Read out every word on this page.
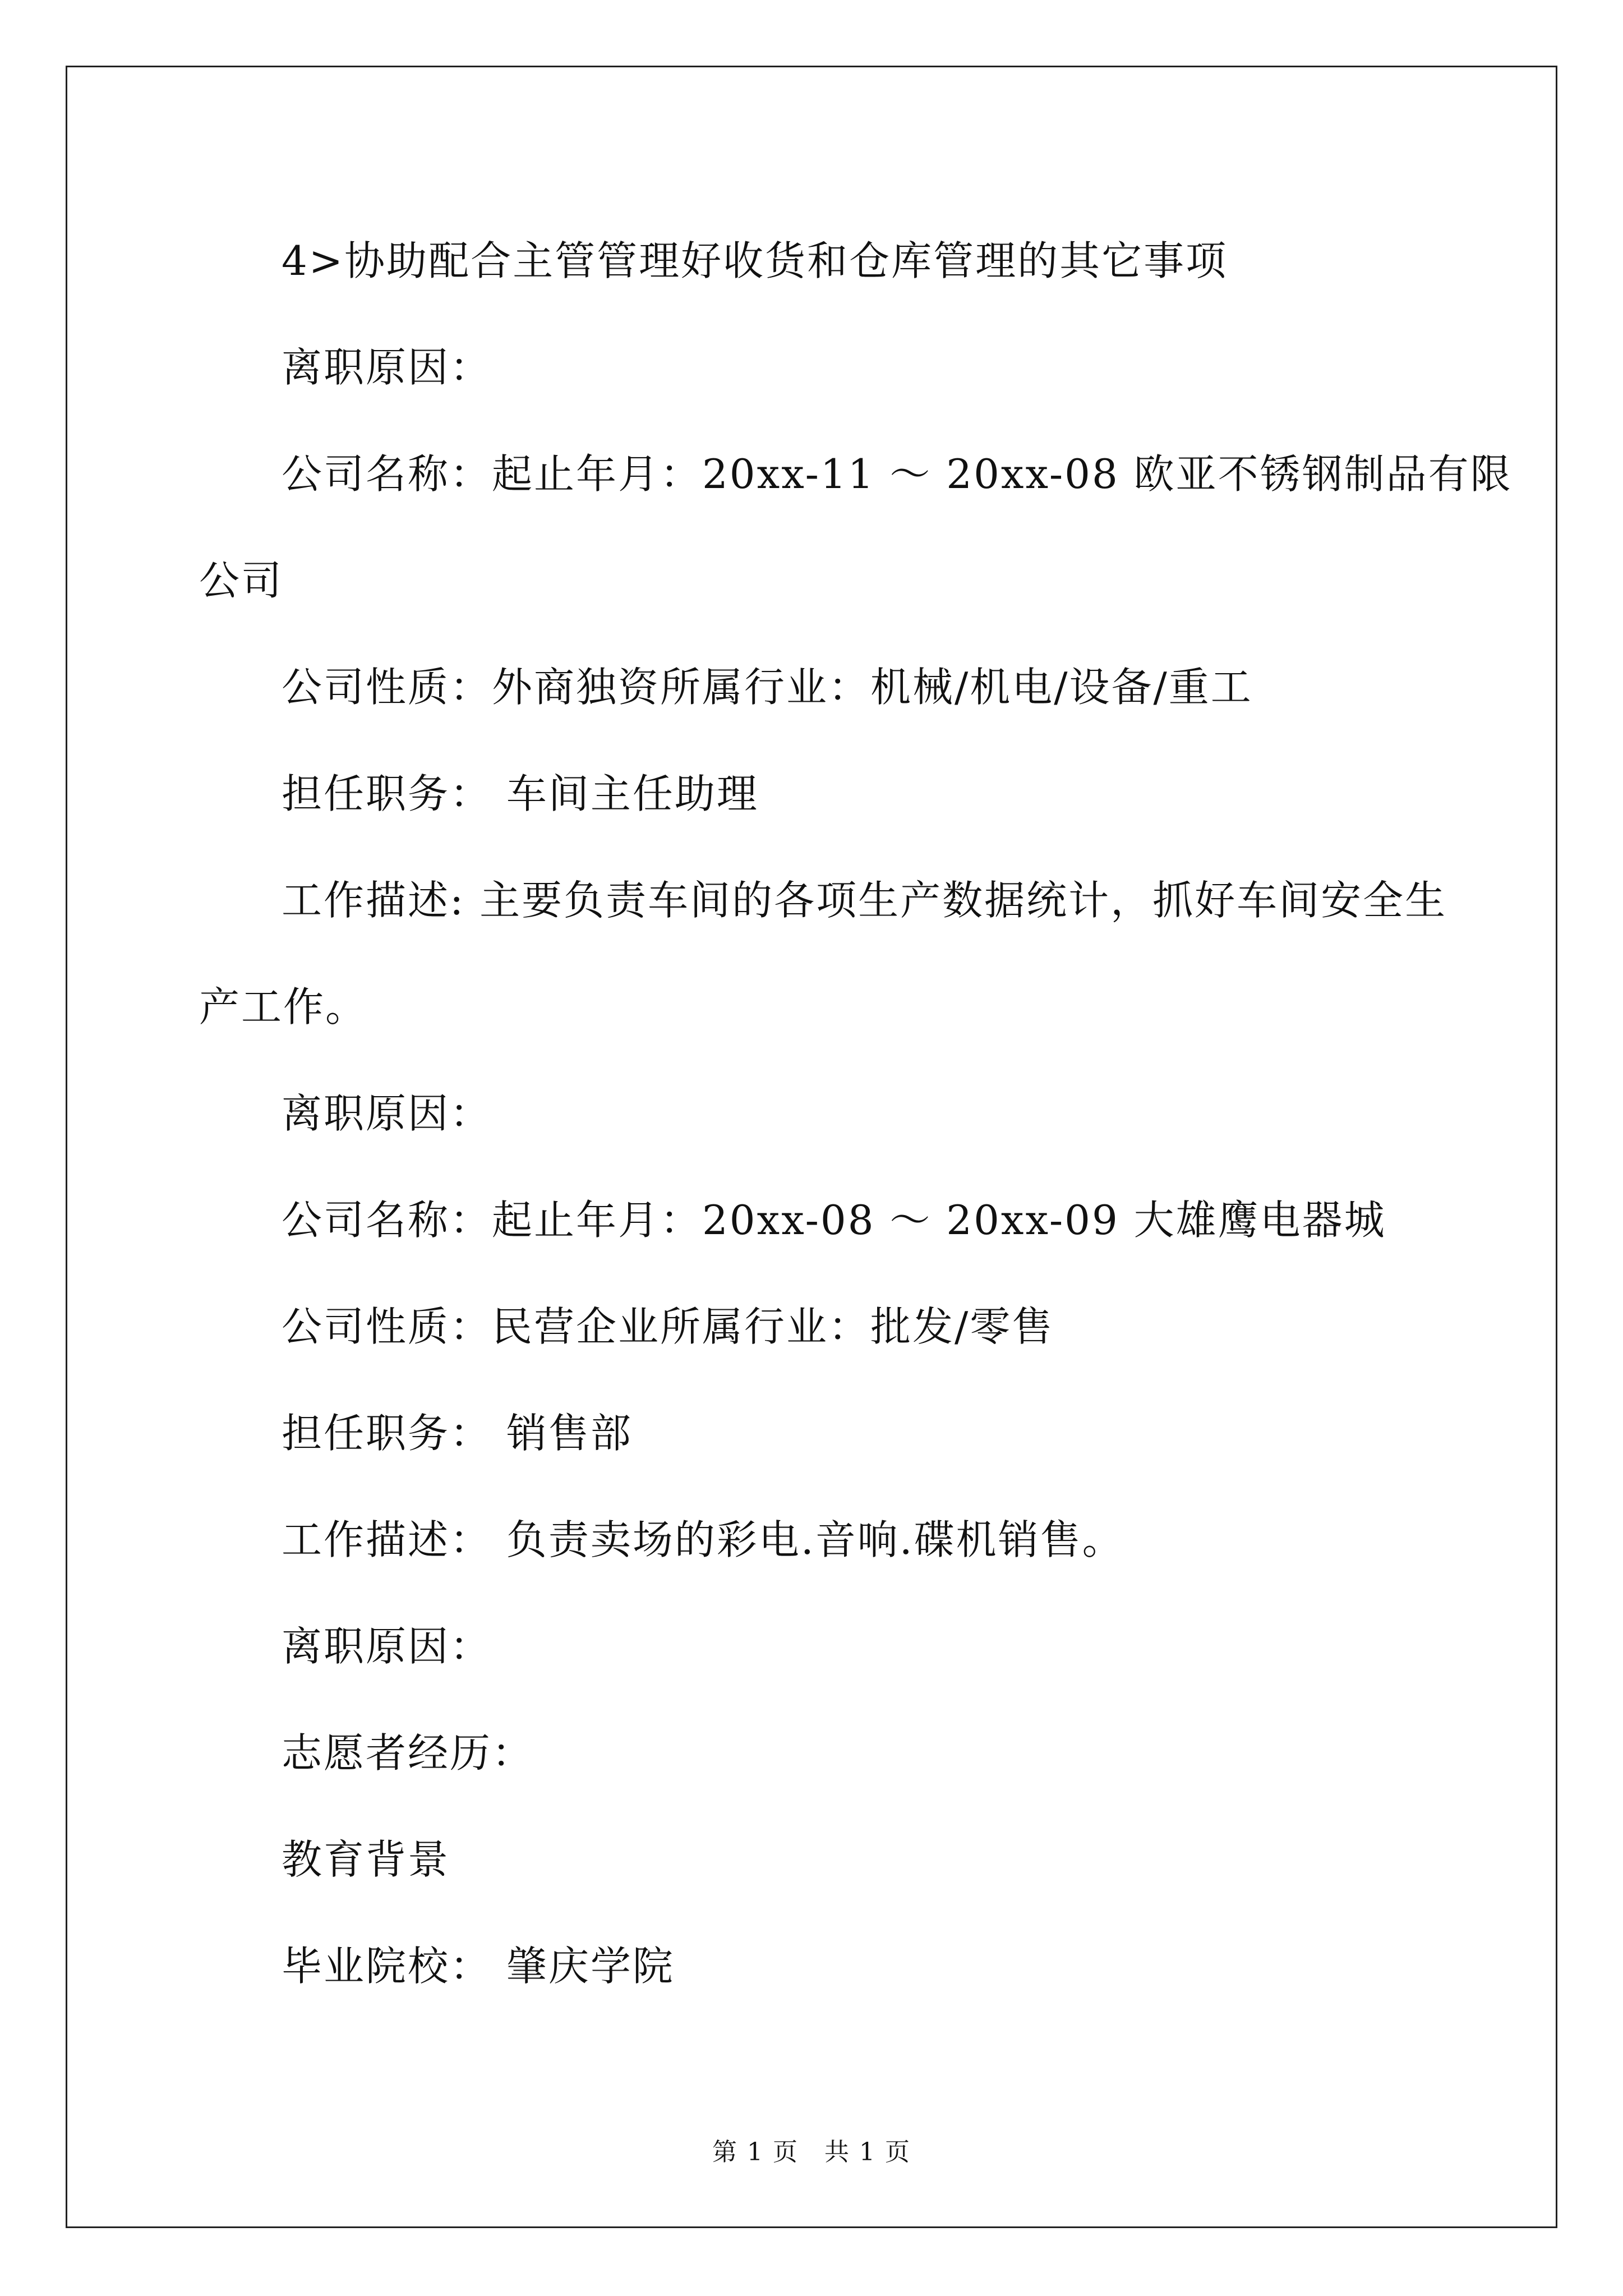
4>协助配合主管管理好收货和仓库管理的其它事项

离职原因：

公司名称：起止年月：20xx-11 ～ 20xx-08 欧亚不锈钢制品有限

公司

公司性质：外商独资所属行业：机械/机电/设备/重工

担任职务： 车间主任助理

工作描述: 主要负责车间的各项生产数据统计，抓好车间安全生

产工作。

离职原因：

公司名称：起止年月：20xx-08 ～ 20xx-09 大雄鹰电器城

公司性质：民营企业所属行业：批发/零售

担任职务： 销售部

工作描述： 负责卖场的彩电.音响.碟机销售。

离职原因：

志愿者经历：

教育背景

毕业院校： 肇庆学院

第 1 页　共 1 页
